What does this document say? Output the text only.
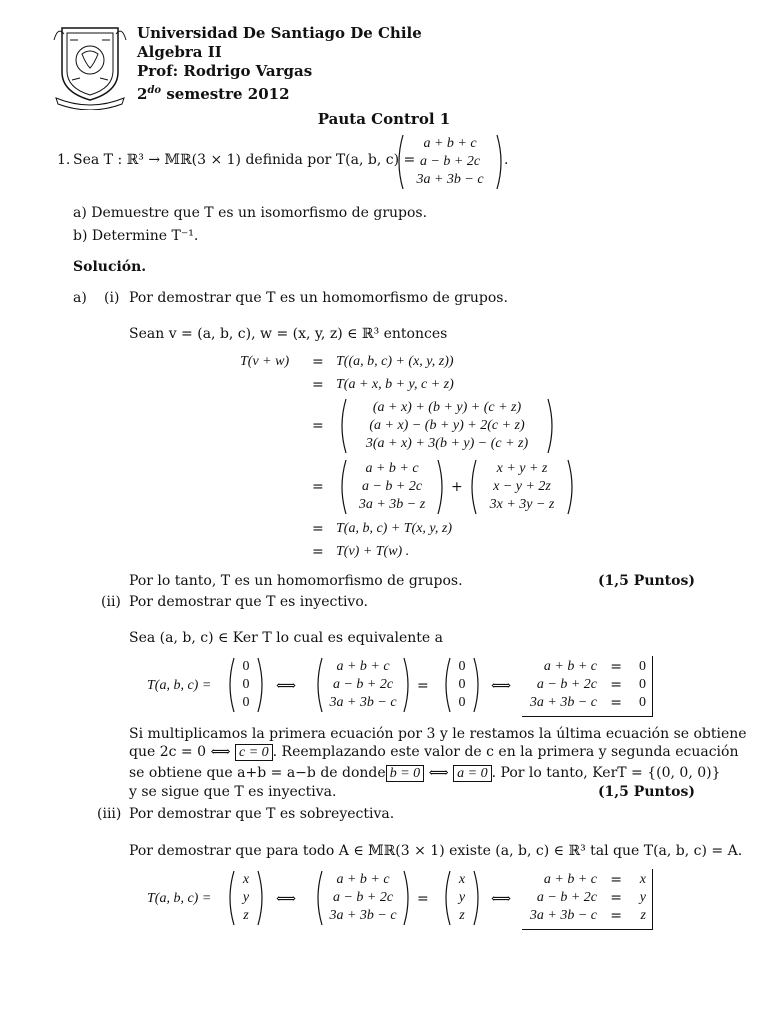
Universidad De Santiago De Chile
Algebra II
Prof: Rodrigo Vargas
$2^{do}$ semestre 2012
Pauta Control 1
1. Sea T : ℝ³ → 𝕄ℝ(3 × 1) definida por T(a, b, c) =
a + b + c
a − b + 2c
3a + 3b − c
.
a) Demuestre que T es un isomorfismo de grupos.
b) Determine T⁻¹.
Solución.
a) (i) Por demostrar que T es un homomorfismo de grupos.
Sean v = (a, b, c), w = (x, y, z) ∈ ℝ³ entonces
T(v + w) = T((a, b, c) + (x, y, z))
= T(a + x, b + y, c + z)
=
(a + x) + (b + y) + (c + z)
(a + x) − (b + y) + 2(c + z)
3(a + x) + 3(b + y) − (c + z)
=
a + b + c
a − b + 2c
3a + 3b − z
+
x + y + z
x − y + 2z
3x + 3y − z
= T(a, b, c) + T(x, y, z)
= T(v) + T(w) .
Por lo tanto, T es un homomorfismo de grupos.	(1,5 Puntos)
(ii) Por demostrar que T es inyectivo.
Sea (a, b, c) ∈ Ker T lo cual es equivalente a
T(a, b, c) =
0
0
0
⟺
a + b + c
a − b + 2c
3a + 3b − c
=
0
0
0
⟺
a + b + c
a − b + 2c
3a + 3b − c
=
=
=
0
0
0
Si multiplicamos la primera ecuación por 3 y le restamos la última ecuación se obtiene
que 2c = 0 ⟺ c = 0 . Reemplazando este valor de c en la primera y segunda ecuación
se obtiene que a+b = a−b de donde b = 0 ⟺ a = 0 . Por lo tanto, KerT = {(0, 0, 0)}
y se sigue que T es inyectiva.	(1,5 Puntos)
(iii) Por demostrar que T es sobreyectiva.
Por demostrar que para todo A ∈ 𝕄ℝ(3 × 1) existe (a, b, c) ∈ ℝ³ tal que T(a, b, c) = A.
T(a, b, c) =
x
y
z
⟺
a + b + c
a − b + 2c
3a + 3b − c
=
x
y
z
⟺
a + b + c
a − b + 2c
3a + 3b − c
=
=
=
x
y
z
